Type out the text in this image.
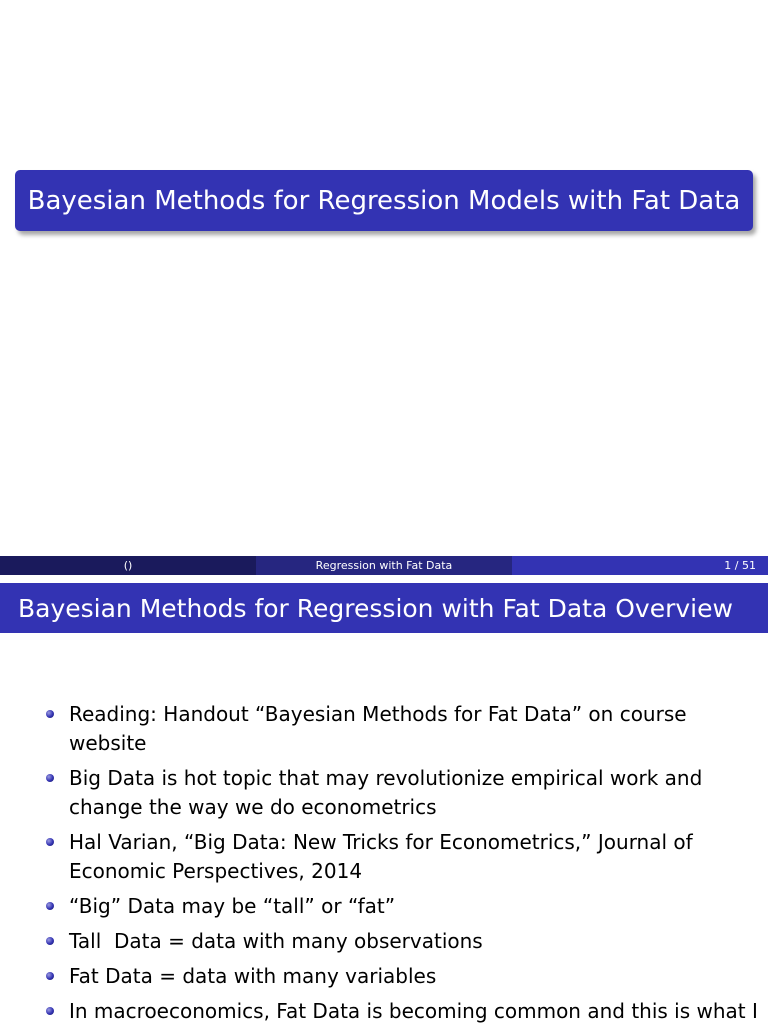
Bayesian Methods for Regression Models with Fat Data
()	Regression with Fat Data	1 / 51
Bayesian Methods for Regression with Fat Data Overview
Reading: Handout “Bayesian Methods for Fat Data” on course website
Big Data is hot topic that may revolutionize empirical work and change the way we do econometrics
Hal Varian, “Big Data: New Tricks for Econometrics,” Journal of Economic Perspectives, 2014
“Big” Data may be “tall” or “fat”
Tall  Data = data with many observations
Fat Data = data with many variables
In macroeconomics, Fat Data is becoming common and this is what I
